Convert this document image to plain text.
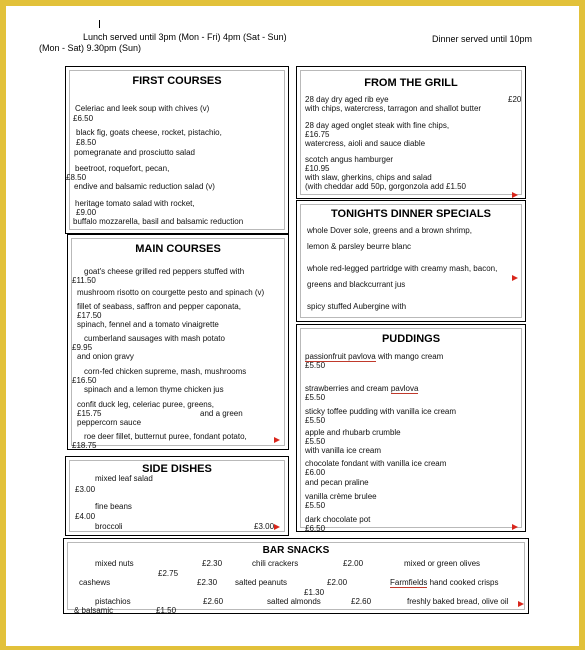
Lunch served until 3pm (Mon - Fri) 4pm (Sat - Sun)	Dinner served until 10pm
(Mon - Sat) 9.30pm (Sun)
FIRST COURSES
Celeriac and leek soup with chives (v)
£6.50
black fig, goats cheese, rocket, pistachio,
£8.50
pomegranate and prosciutto salad
beetroot, roquefort, pecan,
£8.50
endive and balsamic reduction salad (v)
heritage tomato salad with rocket,
£9.00
buffalo mozzarella, basil and balsamic reduction
FROM THE GRILL
28 day dry aged rib eye	£20
with chips, watercress, tarragon and shallot butter
28 day aged onglet steak with fine chips,
£16.75
watercress, aioli and sauce diable
scotch angus hamburger
£10.95
with slaw, gherkins, chips and salad
(with cheddar add 50p, gorgonzola add £1.50
TONIGHTS DINNER SPECIALS
whole Dover sole, greens and a brown shrimp,
lemon & parsley beurre blanc
whole red-legged partridge with creamy mash, bacon,
greens and blackcurrant jus
spicy stuffed Aubergine with
MAIN COURSES
goat's cheese grilled red peppers stuffed with
£11.50
mushroom risotto on courgette pesto and spinach (v)
fillet of seabass, saffron and pepper caponata,
£17.50
spinach, fennel and a tomato vinaigrette
cumberland sausages with mash potato
£9.95
and onion gravy
corn-fed chicken supreme, mash, mushrooms
£16.50
spinach and a lemon thyme chicken jus
confit duck leg, celeriac puree, greens,
£15.75	and a green
peppercorn sauce
roe deer fillet, butternut puree, fondant potato,
£18.75
PUDDINGS
passionfruit pavlova with mango cream
£5.50
strawberries and cream pavlova
£5.50
sticky toffee pudding with vanilla ice cream
£5.50
apple and rhubarb crumble
£5.50
with vanilla ice cream
chocolate fondant with vanilla ice cream
£6.00
and pecan praline
vanilla crème brulee
£5.50
dark chocolate pot
£6.50
SIDE DISHES
mixed leaf salad
£3.00
fine beans
£4.00
broccoli	£3.00
BAR SNACKS
mixed nuts	£2.30	chili crackers	£2.00	mixed or green olives
£2.75
cashews	£2.30 salted peanuts	£2.00	Farmfields hand cooked crisps
£1.30
pistachios	£2.60	salted almonds	£2.60	freshly baked bread, olive oil
& balsamic	£1.50
